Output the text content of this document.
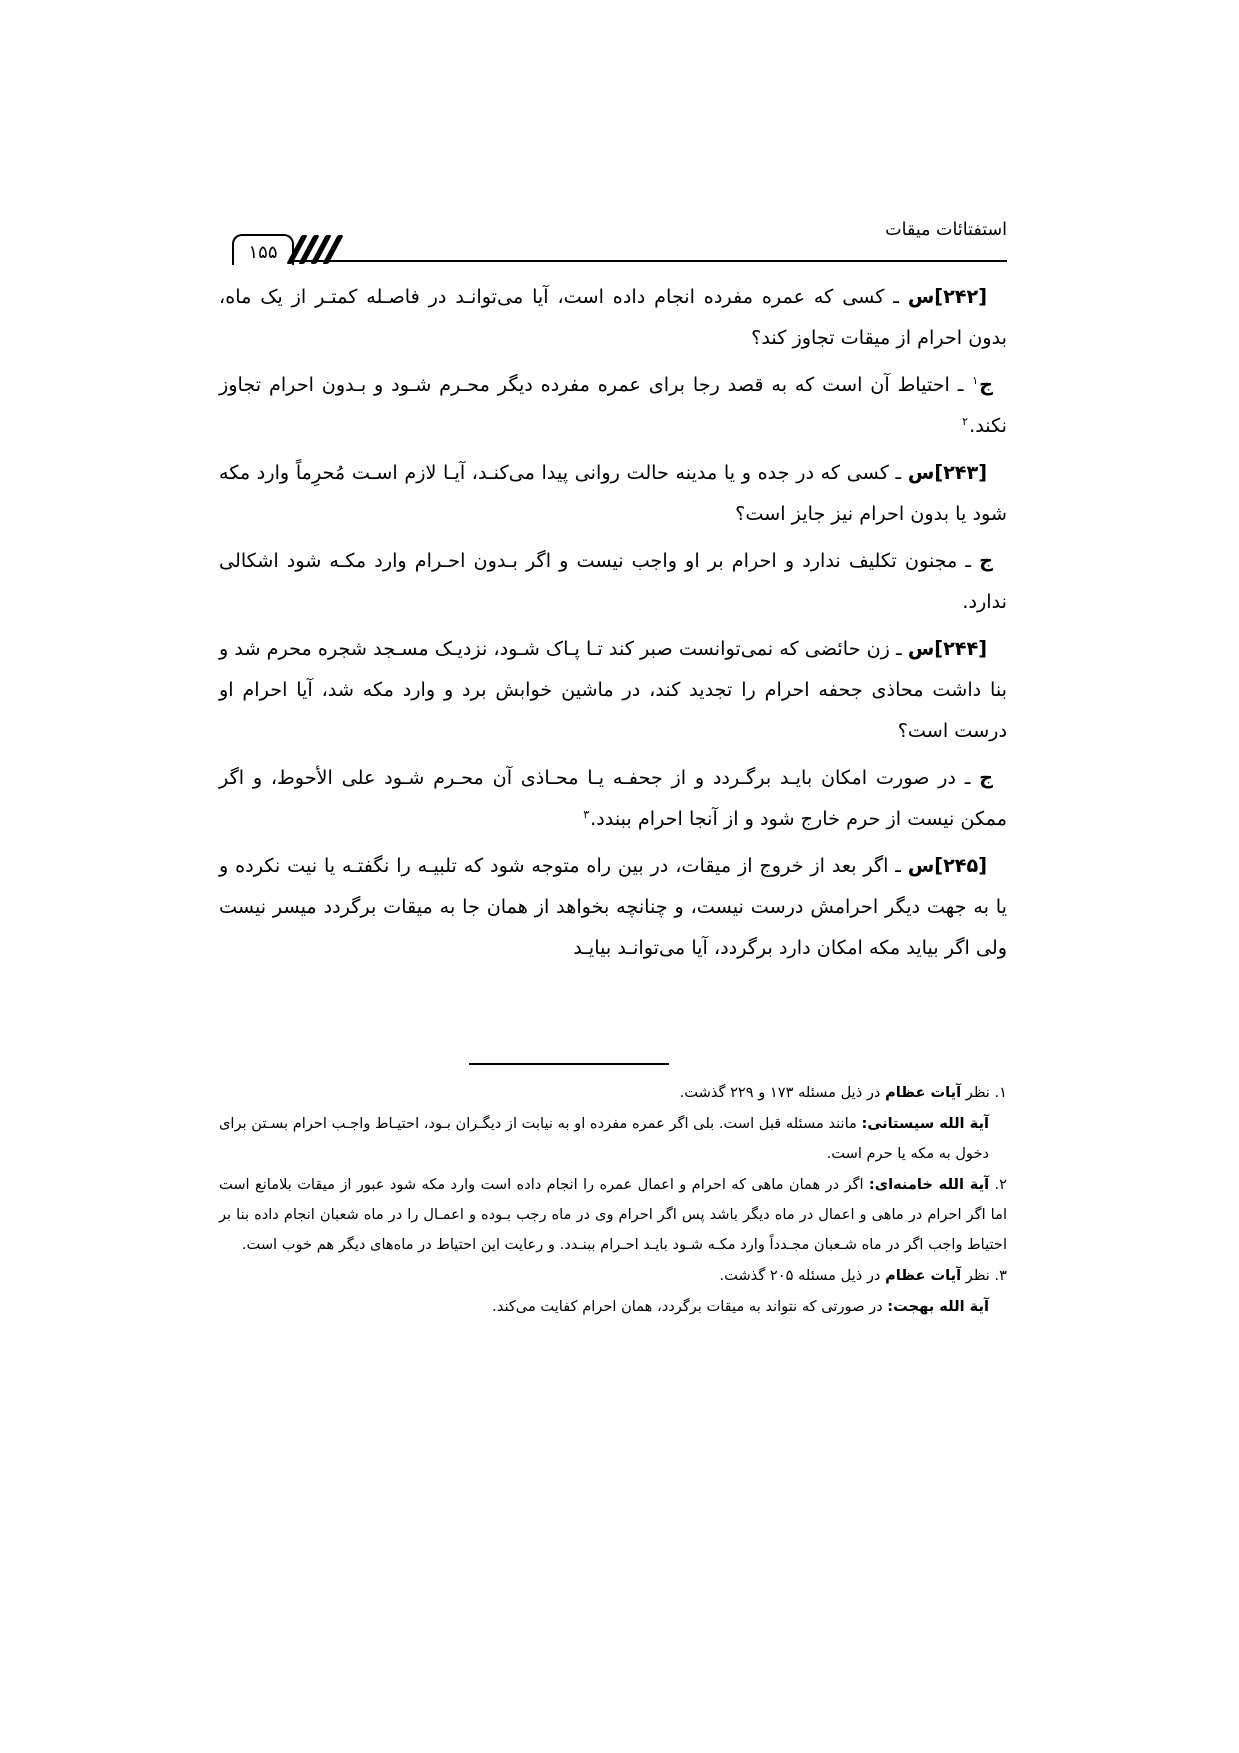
استفتائات میقات
۱۵۵

[۲۴۲]س ـ کسی که عمره مفرده انجام داده است، آیا می‌توانـد در فاصـله کمتـر از یک ماه، بدون احرام از میقات تجاوز کند؟

ج$^۱$ ـ احتیاط آن است که به قصد رجا برای عمره مفرده دیگر محـرم شـود و بـدون احرام تجاوز نکند.$^۲$

[۲۴۳]س ـ کسی که در جده و یا مدینه حالت روانی پیدا می‌کنـد، آیـا لازم اسـت مُحرِماً وارد مکه شود یا بدون احرام نیز جایز است؟

ج ـ مجنون تکلیف ندارد و احرام بر او واجب نیست و اگر بـدون احـرام وارد مکـه شود اشکالی ندارد.

[۲۴۴]س ـ زن حائضی که نمی‌توانست صبر کند تـا پـاک شـود، نزدیـک مسـجد شجره محرم شد و بنا داشت محاذی جحفه احرام را تجدید کند، در ماشین خوابش برد و وارد مکه شد، آیا احرام او درست است؟

ج ـ در صورت امکان بایـد برگـردد و از جحفـه یـا محـاذی آن محـرم شـود علی الأحوط، و اگر ممکن نیست از حرم خارج شود و از آنجا احرام ببندد.$^۳$

[۲۴۵]س ـ اگر بعد از خروج از میقات، در بین راه متوجه شود که تلبیـه را نگفتـه یا نیت نکرده و یا به جهت دیگر احرامش درست نیست، و چنانچه بخواهد از همان جا به میقات برگردد میسر نیست ولی اگر بیاید مکه امکان دارد برگردد، آیا می‌توانـد بیایـد

۱. نظر آیات عظام در ذیل مسئله ۱۷۳ و ۲۲۹ گذشت.

آیة الله سیستانی: مانند مسئله قبل است. بلی اگر عمره مفرده او به نیابت از دیگـران بـود، احتیـاط واجـب احرام بسـتن برای دخول به مکه یا حرم است.

۲. آیة الله خامنه‌ای: اگر در همان ماهی که احرام و اعمال عمره را انجام داده است وارد مکه شود عبور از میقات بلامانع است اما اگر احرام در ماهی و اعمال در ماه دیگر باشد پس اگر احرام وی در ماه رجب بـوده و اعمـال را در ماه شعبان انجام داده بنا بر احتیاط واجب اگر در ماه شـعبان مجـدداً وارد مکـه شـود بایـد احـرام ببنـدد. و رعایت این احتیاط در ماه‌های دیگر هم خوب است.

۳. نظر آیات عظام در ذیل مسئله ۲۰۵ گذشت.

آیة الله بهجت: در صورتی که نتواند به میقات برگردد، همان احرام کفایت می‌کند.
